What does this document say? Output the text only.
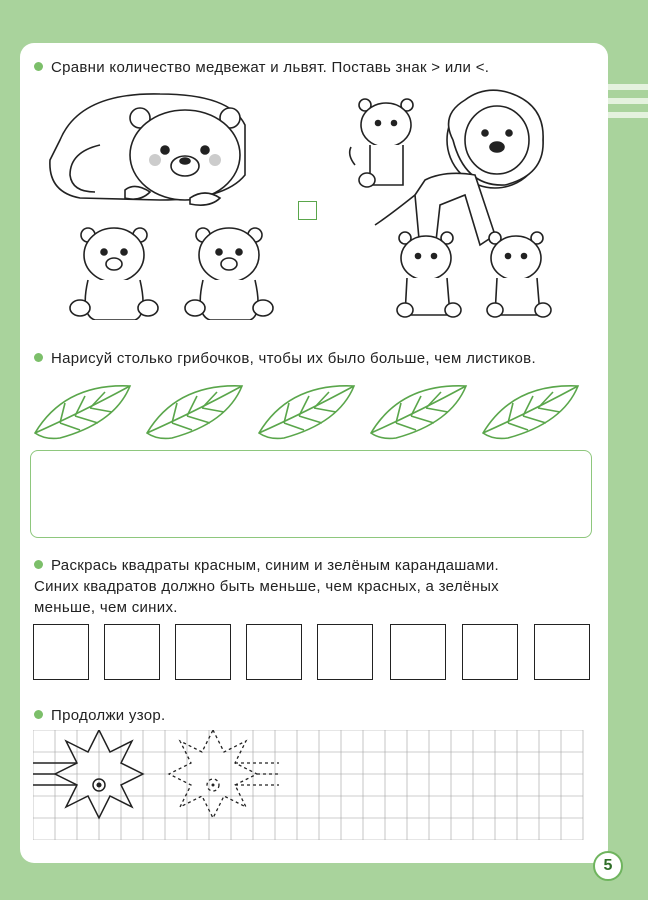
Сравни количество медвежат и львят. Поставь знак > или <.
Нарисуй столько грибочков, чтобы их было больше, чем листиков.
Раскрась квадраты красным, синим и зелёным карандашами.
Синих квадратов должно быть меньше, чем красных, а зелёных
меньше, чем синих.
Продолжи узор.
5
